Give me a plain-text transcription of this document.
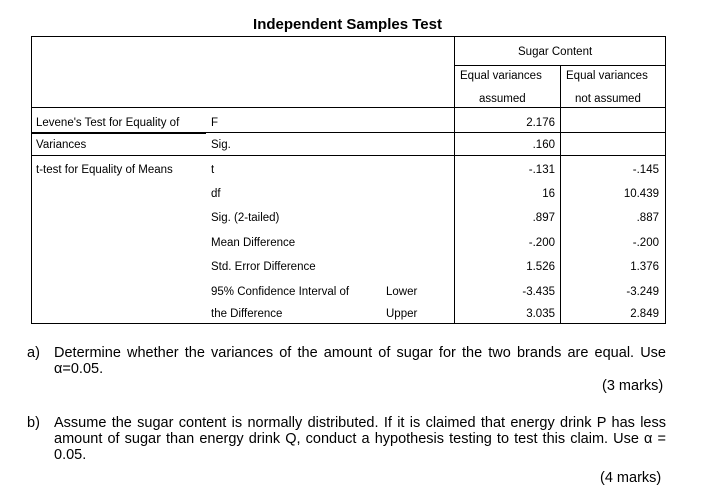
Independent Samples Test
Sugar Content
Equal variances
assumed
Equal variances
not assumed
Levene's Test for Equality of
Variances
t-test for Equality of Means
F
Sig.
t
df
Sig. (2-tailed)
Mean Difference
Std. Error Difference
95% Confidence Interval of
the Difference
Lower
Upper
2.176
.160
-.131
16
.897
-.200
1.526
-3.435
3.035
-.145
10.439
.887
-.200
1.376
-3.249
2.849
a) Determine whether the variances of the amount of sugar for the two brands are equal. Use α=0.05.
(3 marks)
b) Assume the sugar content is normally distributed. If it is claimed that energy drink P has less amount of sugar than energy drink Q, conduct a hypothesis testing to test this claim. Use α = 0.05.
(4 marks)
